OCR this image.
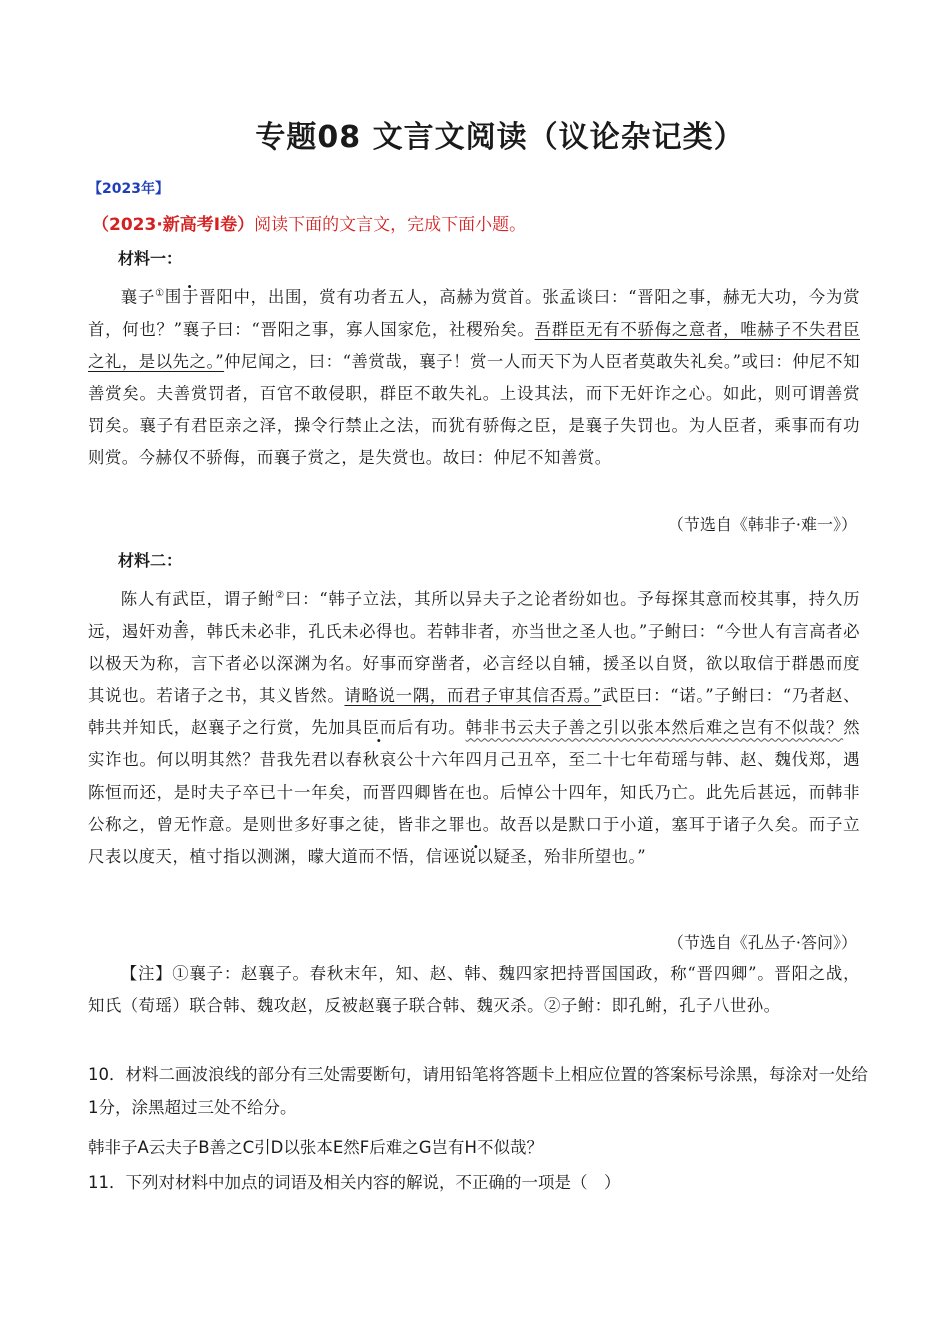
专题08 文言文阅读（议论杂记类）
【2023年】
（2023·新高考Ⅰ卷）阅读下面的文言文，完成下面小题。
材料一：
襄子①围于晋阳中，出围，赏有功者五人，高赫为赏首。张孟谈曰：“晋阳之事，赫无大功，今为赏首，何也？”襄子曰：“晋阳之事，寡人国家危，社稷殆矣。吾群臣无有不骄侮之意者，唯赫子不失君臣之礼，是以先之。”仲尼闻之，曰：“善赏哉，襄子！赏一人而天下为人臣者莫敢失礼矣。”或曰：仲尼不知善赏矣。夫善赏罚者，百官不敢侵职，群臣不敢失礼。上设其法，而下无奸诈之心。如此，则可谓善赏罚矣。襄子有君臣亲之泽，操令行禁止之法，而犹有骄侮之臣，是襄子失罚也。为人臣者，乘事而有功则赏。今赫仅不骄侮，而襄子赏之，是失赏也。故曰：仲尼不知善赏。
（节选自《韩非子·难一》）
材料二：
陈人有武臣，谓子鲋②曰：“韩子立法，其所以异夫子之论者纷如也。予每探其意而校其事，持久历远，遏奸劝善，韩氏未必非，孔氏未必得也。若韩非者，亦当世之圣人也。”子鲋曰：“今世人有言高者必以极天为称，言下者必以深渊为名。好事而穿凿者，必言经以自辅，援圣以自贤，欲以取信于群愚而度其说也。若诸子之书，其义皆然。请略说一隅，而君子审其信否焉。”武臣曰：“诺。”子鲋曰：“乃者赵、韩共并知氏，赵襄子之行赏，先加具臣而后有功。韩非书云夫子善之引以张本然后难之岂有不似哉？然实诈也。何以明其然？昔我先君以春秋哀公十六年四月己丑卒，至二十七年荀瑶与韩、赵、魏伐郑，遇陈恒而还，是时夫子卒已十一年矣，而晋四卿皆在也。后悼公十四年，知氏乃亡。此先后甚远，而韩非公称之，曾无怍意。是则世多好事之徒，皆非之罪也。故吾以是默口于小道，塞耳于诸子久矣。而子立尺表以度天，植寸指以测渊，曚大道而不悟，信诬说以疑圣，殆非所望也。”
（节选自《孔丛子·答问》）
【注】①襄子：赵襄子。春秋末年，知、赵、韩、魏四家把持晋国国政，称“晋四卿”。晋阳之战，知氏（荀瑶）联合韩、魏攻赵，反被赵襄子联合韩、魏灭杀。②子鲋：即孔鲋，孔子八世孙。
10．材料二画波浪线的部分有三处需要断句，请用铅笔将答题卡上相应位置的答案标号涂黑，每涂对一处给1分，涂黑超过三处不给分。
韩非子A云夫子B善之C引D以张本E然F后难之G岂有H不似哉？
11．下列对材料中加点的词语及相关内容的解说，不正确的一项是（　）
